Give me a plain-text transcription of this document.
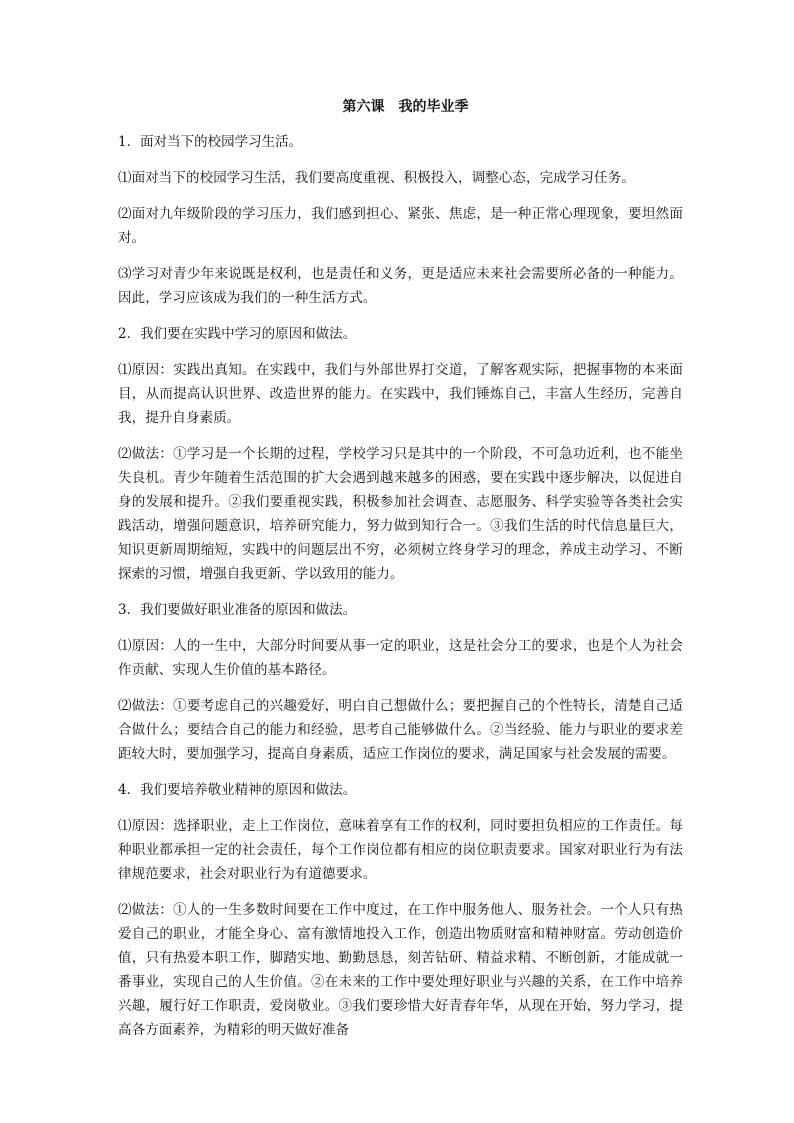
第六课　我的毕业季
1．面对当下的校园学习生活。
⑴面对当下的校园学习生活，我们要高度重视、积极投入，调整心态，完成学习任务。
⑵面对九年级阶段的学习压力，我们感到担心、紧张、焦虑，是一种正常心理现象，要坦然面对。
⑶学习对青少年来说既是权利，也是责任和义务，更是适应未来社会需要所必备的一种能力。因此，学习应该成为我们的一种生活方式。
2．我们要在实践中学习的原因和做法。
⑴原因：实践出真知。在实践中，我们与外部世界打交道，了解客观实际，把握事物的本来面目，从而提高认识世界、改造世界的能力。在实践中，我们锤炼自己，丰富人生经历，完善自我，提升自身素质。
⑵做法：①学习是一个长期的过程，学校学习只是其中的一个阶段，不可急功近利，也不能坐失良机。青少年随着生活范围的扩大会遇到越来越多的困惑，要在实践中逐步解决，以促进自身的发展和提升。②我们要重视实践，积极参加社会调查、志愿服务、科学实验等各类社会实践活动，增强问题意识，培养研究能力，努力做到知行合一。③我们生活的时代信息量巨大，知识更新周期缩短，实践中的问题层出不穷，必须树立终身学习的理念，养成主动学习、不断探索的习惯，增强自我更新、学以致用的能力。
3．我们要做好职业准备的原因和做法。
⑴原因：人的一生中，大部分时间要从事一定的职业，这是社会分工的要求，也是个人为社会作贡献、实现人生价值的基本路径。
⑵做法：①要考虑自己的兴趣爱好，明白自己想做什么；要把握自己的个性特长，清楚自己适合做什么；要结合自己的能力和经验，思考自己能够做什么。②当经验、能力与职业的要求差距较大时，要加强学习，提高自身素质，适应工作岗位的要求，满足国家与社会发展的需要。
4．我们要培养敬业精神的原因和做法。
⑴原因：选择职业，走上工作岗位，意味着享有工作的权利，同时要担负相应的工作责任。每种职业都承担一定的社会责任，每个工作岗位都有相应的岗位职责要求。国家对职业行为有法律规范要求，社会对职业行为有道德要求。
⑵做法：①人的一生多数时间要在工作中度过，在工作中服务他人、服务社会。一个人只有热爱自己的职业，才能全身心、富有激情地投入工作，创造出物质财富和精神财富。劳动创造价值，只有热爱本职工作，脚踏实地、勤勤恳恳，刻苦钻研、精益求精、不断创新，才能成就一番事业，实现自己的人生价值。②在未来的工作中要处理好职业与兴趣的关系，在工作中培养兴趣，履行好工作职责，爱岗敬业。③我们要珍惜大好青春年华，从现在开始，努力学习，提高各方面素养，为精彩的明天做好准备
